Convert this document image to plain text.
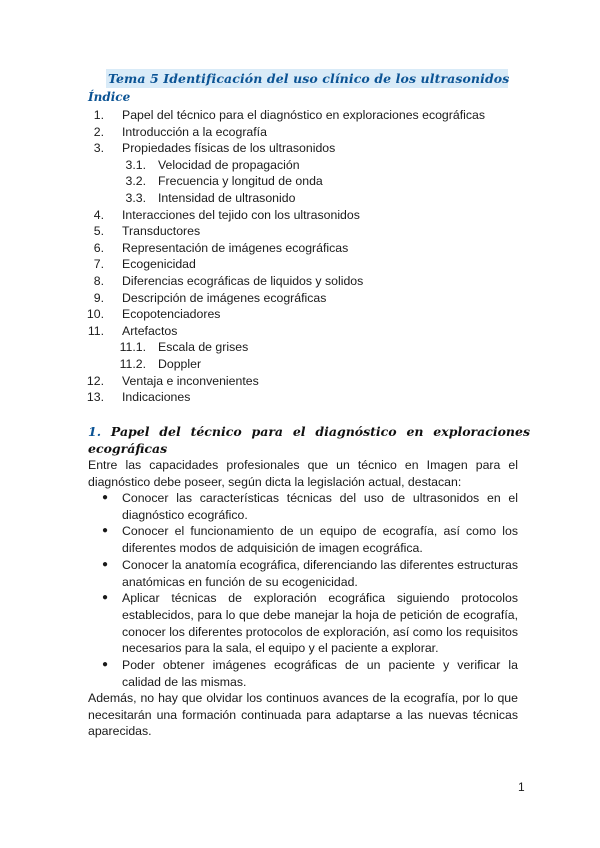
Tema 5 Identificación del uso clínico de los ultrasonidos
Índice
1. Papel del técnico para el diagnóstico en exploraciones ecográficas
2. Introducción a la ecografía
3. Propiedades físicas de los ultrasonidos
3.1. Velocidad de propagación
3.2. Frecuencia y longitud de onda
3.3. Intensidad de ultrasonido
4. Interacciones del tejido con los ultrasonidos
5. Transductores
6. Representación de imágenes ecográficas
7. Ecogenicidad
8. Diferencias ecográficas de liquidos y solidos
9. Descripción de imágenes ecográficas
10. Ecopotenciadores
11. Artefactos
11.1. Escala de grises
11.2. Doppler
12. Ventaja e inconvenientes
13. Indicaciones
1. Papel del técnico para el diagnóstico en exploraciones
ecográficas
Entre las capacidades profesionales que un técnico en Imagen para el diagnóstico debe poseer, según dicta la legislación actual, destacan:
● Conocer las características técnicas del uso de ultrasonidos en el diagnóstico ecográfico.
● Conocer el funcionamiento de un equipo de ecografía, así como los diferentes modos de adquisición de imagen ecográfica.
● Conocer la anatomía ecográfica, diferenciando las diferentes estructuras anatómicas en función de su ecogenicidad.
● Aplicar técnicas de exploración ecográfica siguiendo protocolos establecidos, para lo que debe manejar la hoja de petición de ecografía, conocer los diferentes protocolos de exploración, así como los requisitos necesarios para la sala, el equipo y el paciente a explorar.
● Poder obtener imágenes ecográficas de un paciente y verificar la calidad de las mismas.
Además, no hay que olvidar los continuos avances de la ecografía, por lo que necesitarán una formación continuada para adaptarse a las nuevas técnicas aparecidas.
1
